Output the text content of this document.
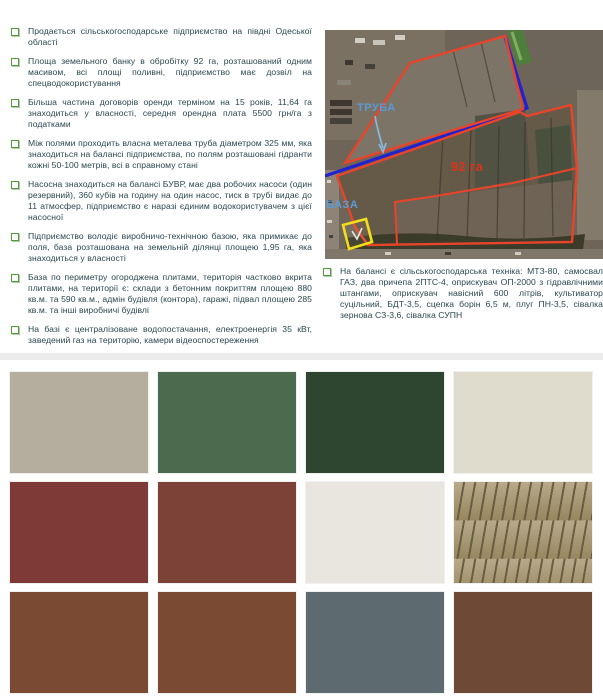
Продається сільськогосподарське підприємство на півдні Одеської області
Площа земельного банку в обробітку 92 га, розташований одним масивом, всі площі поливні, підприємство має дозвіл на спецводокористування
Більша частина договорів оренди терміном на 15 років, 11,64 га знаходиться у власності, середня орендна плата 5500 грн/га з податками
Між полями проходить власна металева труба діаметром 325 мм, яка знаходиться на балансі підприємства, по полям розташовані гідранти кожні 50-100 метрів, всі в справному стані
Насосна знаходиться на балансі БУВР, має два робочих насоси (один резервний), 360 кубів на годину на один насос, тиск в трубі видає до 11 атмосфер, підприємство є наразі єдиним водокористувачем з цієї насосної
Підприємство володіє виробничо-технічною базою, яка примикає до поля, база розташована на земельній ділянці площею 1,95 га, яка знаходиться у власності
База по периметру огороджена плитами, територія частково вкрита плитами, на території є: склади з бетонним покриттям площею 880 кв.м. та 590 кв.м., адмін будівля (контора), гаражі, підвал площею 285 кв.м. та інші виробничі будівлі
На базі є централізоване водопостачання, електроенергія 35 кВт, заведений газ на територію, камери відеоспостереження
ТРУБА
92 га
БАЗА
На балансі є сільськогосподарська техніка: МТЗ-80, самосвал ГАЗ, два причепа 2ПТС-4, оприскувач ОП-2000 з гідравлічними штангами, оприскувач навісний 600 літрів, культиватор суцільний, БДТ-3,5, сцепка борін 6,5 м, плуг ПН-3,5, сівалка зернова СЗ-3,6, сівалка СУПН
